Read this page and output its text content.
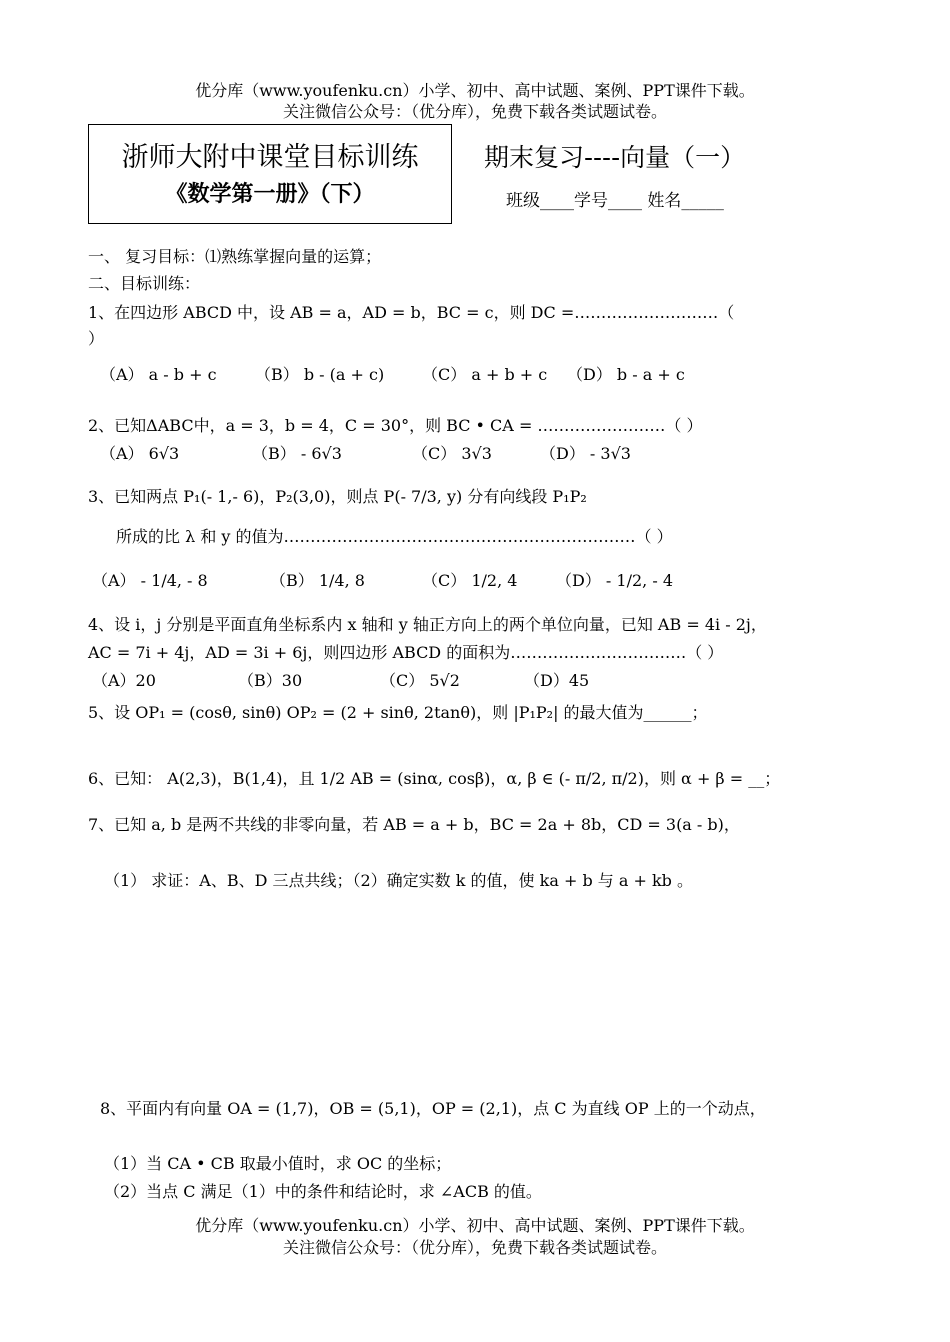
优分库（www.youfenku.cn）小学、初中、高中试题、案例、PPT课件下载。
关注微信公众号：（优分库），免费下载各类试题试卷。
浙师大附中课堂目标训练
《数学第一册》（下）
期末复习----向量（一）
班级____学号____ 姓名_____
一、 复习目标：⑴熟练掌握向量的运算；
二、目标训练：
1、在四边形 ABCD 中，设 AB = a，AD = b，BC = c，则 DC =………………………（
）
（A） a - b + c （B） b - (a + c) （C） a + b + c （D） b - a + c
2、已知ΔABC中，a = 3，b = 4，C = 30°，则 BC • CA = ……………………（ ）
（A） 6√3	（B） - 6√3	（C） 3√3	（D） - 3√3
3、已知两点 P₁(- 1,- 6)，P₂(3,0)，则点 P(- 7/3, y) 分有向线段 P₁P₂
所成的比 λ 和 y 的值为…………………………………………………………（ ）
（A） - 1/4, - 8	（B） 1/4, 8	（C） 1/2, 4 （D） - 1/2, - 4
4、设 i，j 分别是平面直角坐标系内 x 轴和 y 轴正方向上的两个单位向量，已知 AB = 4i - 2j，
AC = 7i + 4j，AD = 3i + 6j，则四边形 ABCD 的面积为……………………………（ ）
（A）20	（B）30	（C） 5√2	（D）45
5、设 OP₁ = (cosθ, sinθ) OP₂ = (2 + sinθ, 2tanθ)，则 |P₁P₂| 的最大值为______；
6、已知： A(2,3)，B(1,4)，且 1/2 AB = (sinα, cosβ)，α, β ∈ (- π/2, π/2)，则 α + β = __；
7、已知 a, b 是两不共线的非零向量，若 AB = a + b，BC = 2a + 8b，CD = 3(a - b)，
（1） 求证：A、B、D 三点共线；（2）确定实数 k 的值，使 ka + b 与 a + kb 。
8、平面内有向量 OA = (1,7)，OB = (5,1)，OP = (2,1)，点 C 为直线 OP 上的一个动点，
（1）当 CA • CB 取最小值时，求 OC 的坐标；
（2）当点 C 满足（1）中的条件和结论时，求 ∠ACB 的值。
优分库（www.youfenku.cn）小学、初中、高中试题、案例、PPT课件下载。
关注微信公众号：（优分库），免费下载各类试题试卷。
